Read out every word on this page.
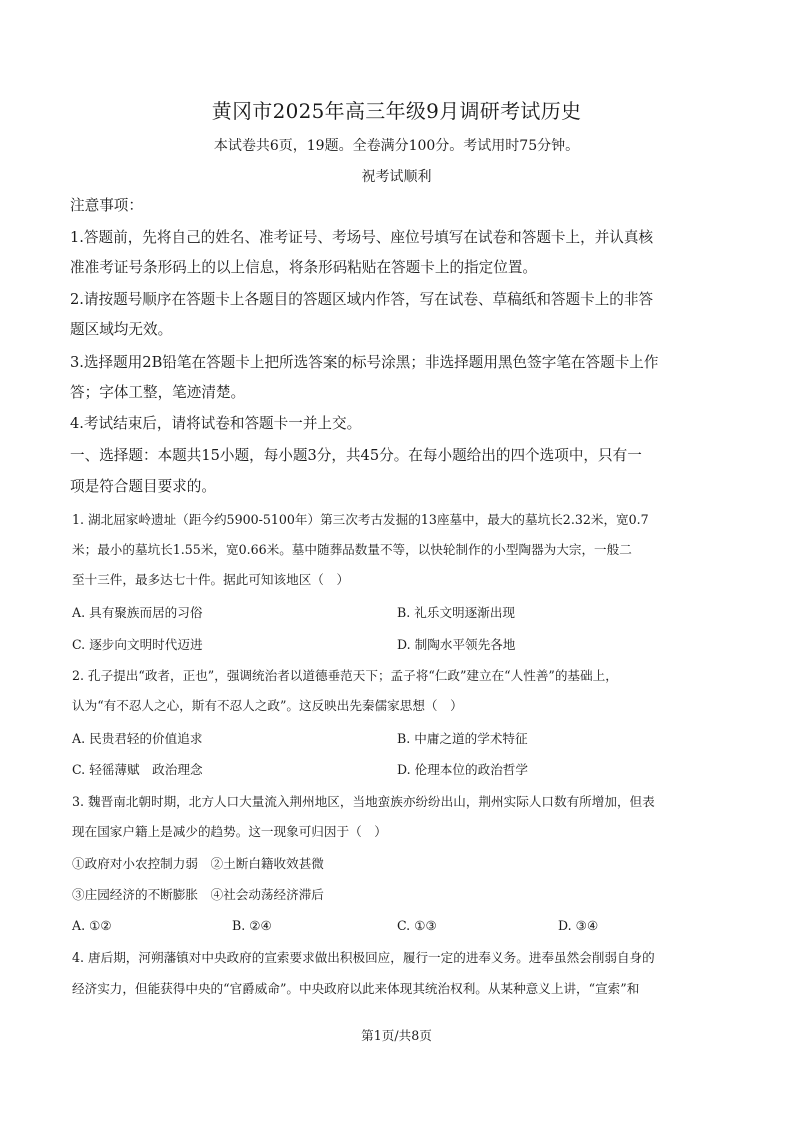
黄冈市2025年高三年级9月调研考试历史
本试卷共6页，19题。全卷满分100分。考试用时75分钟。
祝考试顺利
注意事项：
1.答题前，先将自己的姓名、准考证号、考场号、座位号填写在试卷和答题卡上，并认真核
准准考证号条形码上的以上信息，将条形码粘贴在答题卡上的指定位置。
2.请按题号顺序在答题卡上各题目的答题区域内作答，写在试卷、草稿纸和答题卡上的非答
题区域均无效。
3.选择题用2B铅笔在答题卡上把所选答案的标号涂黑；非选择题用黑色签字笔在答题卡上作
答；字体工整，笔迹清楚。
4.考试结束后，请将试卷和答题卡一并上交。
一、选择题：本题共15小题，每小题3分，共45分。在每小题给出的四个选项中，只有一
项是符合题目要求的。
1. 湖北屈家岭遗址（距今约5900-5100年）第三次考古发掘的13座墓中，最大的墓坑长2.32米，宽0.7
米；最小的墓坑长1.55米，宽0.66米。墓中随葬品数量不等，以快轮制作的小型陶器为大宗，一般二
至十三件，最多达七十件。据此可知该地区（　）
A. 具有聚族而居的习俗	B. 礼乐文明逐渐出现
C. 逐步向文明时代迈进	D. 制陶水平领先各地
2. 孔子提出“政者，正也”，强调统治者以道德垂范天下；孟子将“仁政”建立在“人性善”的基础上，
认为“有不忍人之心，斯有不忍人之政”。这反映出先秦儒家思想（　）
A. 民贵君轻的价值追求	B. 中庸之道的学术特征
C. 轻徭薄赋　政治理念	D. 伦理本位的政治哲学
3. 魏晋南北朝时期，北方人口大量流入荆州地区，当地蛮族亦纷纷出山，荆州实际人口数有所增加，但表
现在国家户籍上是减少的趋势。这一现象可归因于（　）
①政府对小农控制力弱　②土断白籍收效甚微
③庄园经济的不断膨胀　④社会动荡经济滞后
A. ①②	B. ②④	C. ①③	D. ③④
4. 唐后期，河朔藩镇对中央政府的宣索要求做出积极回应，履行一定的进奉义务。进奉虽然会削弱自身的
经济实力，但能获得中央的“官爵威命”。中央政府以此来体现其统治权利。从某种意义上讲，“宣索”和
第1页/共8页
